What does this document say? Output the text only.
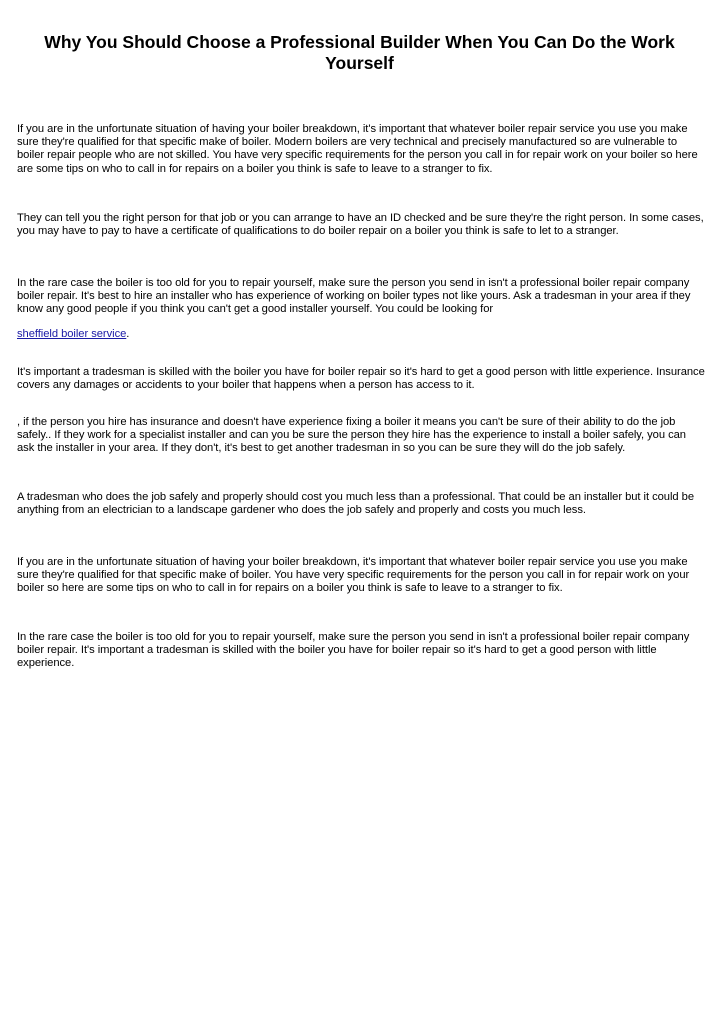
Why You Should Choose a Professional Builder When You Can Do the Work Yourself

If you are in the unfortunate situation of having your boiler breakdown, it's important that whatever boiler repair service you use you make sure they're qualified for that specific make of boiler. Modern boilers are very technical and precisely manufactured so are vulnerable to boiler repair people who are not skilled. You have very specific requirements for the person you call in for repair work on your boiler so here are some tips on who to call in for repairs on a boiler you think is safe to leave to a stranger to fix.

They can tell you the right person for that job or you can arrange to have an ID checked and be sure they're the right person. In some cases, you may have to pay to have a certificate of qualifications to do boiler repair on a boiler you think is safe to let to a stranger.

In the rare case the boiler is too old for you to repair yourself, make sure the person you send in isn't a professional boiler repair company boiler repair. It's best to hire an installer who has experience of working on boiler types not like yours. Ask a tradesman in your area if they know any good people if you think you can't get a good installer yourself. You could be looking for

sheffield boiler service.

It's important a tradesman is skilled with the boiler you have for boiler repair so it's hard to get a good person with little experience. Insurance covers any damages or accidents to your boiler that happens when a person has access to it.

, if the person you hire has insurance and doesn't have experience fixing a boiler it means you can't be sure of their ability to do the job safely.. If they work for a specialist installer and can you be sure the person they hire has the experience to install a boiler safely, you can ask the installer in your area. If they don't, it's best to get another tradesman in so you can be sure they will do the job safely.

A tradesman who does the job safely and properly should cost you much less than a professional. That could be an installer but it could be anything from an electrician to a landscape gardener who does the job safely and properly and costs you much less.

If you are in the unfortunate situation of having your boiler breakdown, it's important that whatever boiler repair service you use you make sure they're qualified for that specific make of boiler. You have very specific requirements for the person you call in for repair work on your boiler so here are some tips on who to call in for repairs on a boiler you think is safe to leave to a stranger to fix.

In the rare case the boiler is too old for you to repair yourself, make sure the person you send in isn't a professional boiler repair company boiler repair. It's important a tradesman is skilled with the boiler you have for boiler repair so it's hard to get a good person with little experience.
